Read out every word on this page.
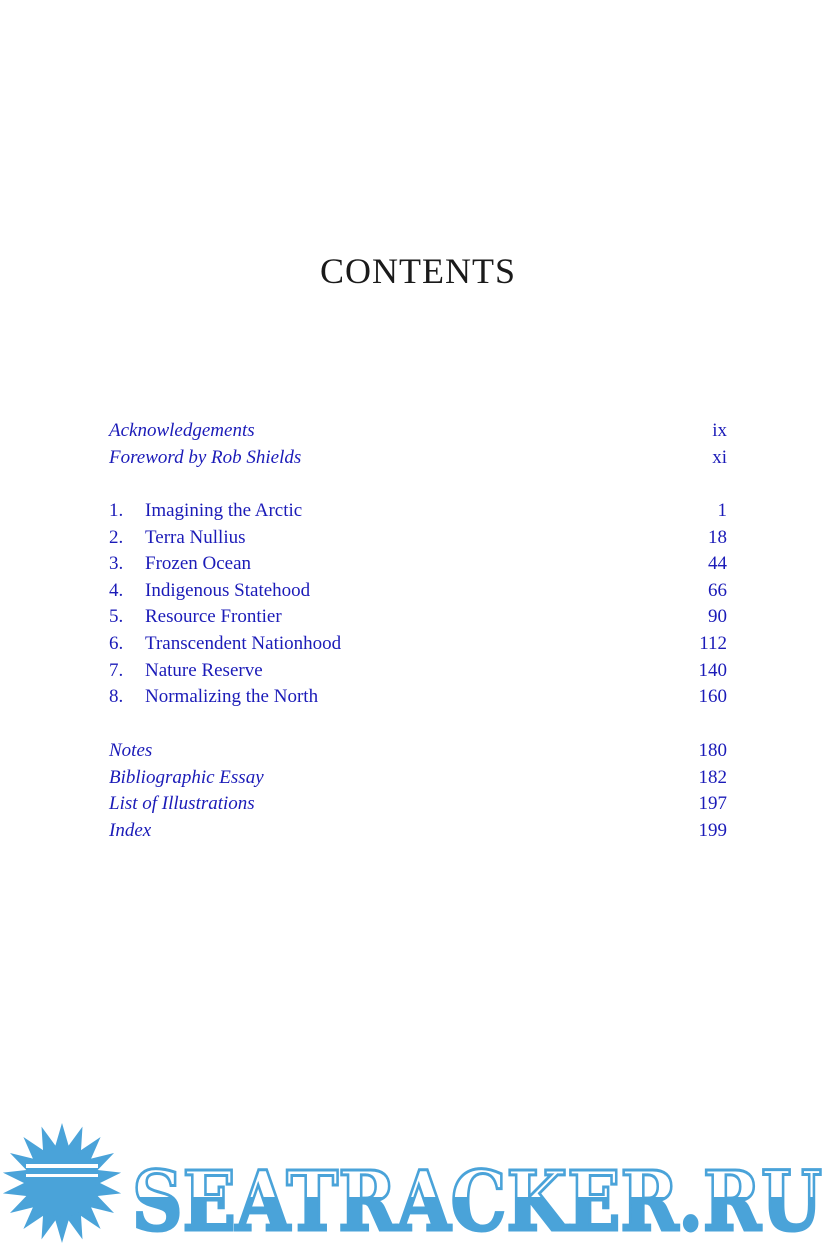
CONTENTS
Acknowledgements	ix
Foreword by Rob Shields	xi
1. Imagining the Arctic	1
2. Terra Nullius	18
3. Frozen Ocean	44
4. Indigenous Statehood	66
5. Resource Frontier	90
6. Transcendent Nationhood	112
7. Nature Reserve	140
8. Normalizing the North	160
Notes	180
Bibliographic Essay	182
List of Illustrations	197
Index	199
SEATRACKER.RU
